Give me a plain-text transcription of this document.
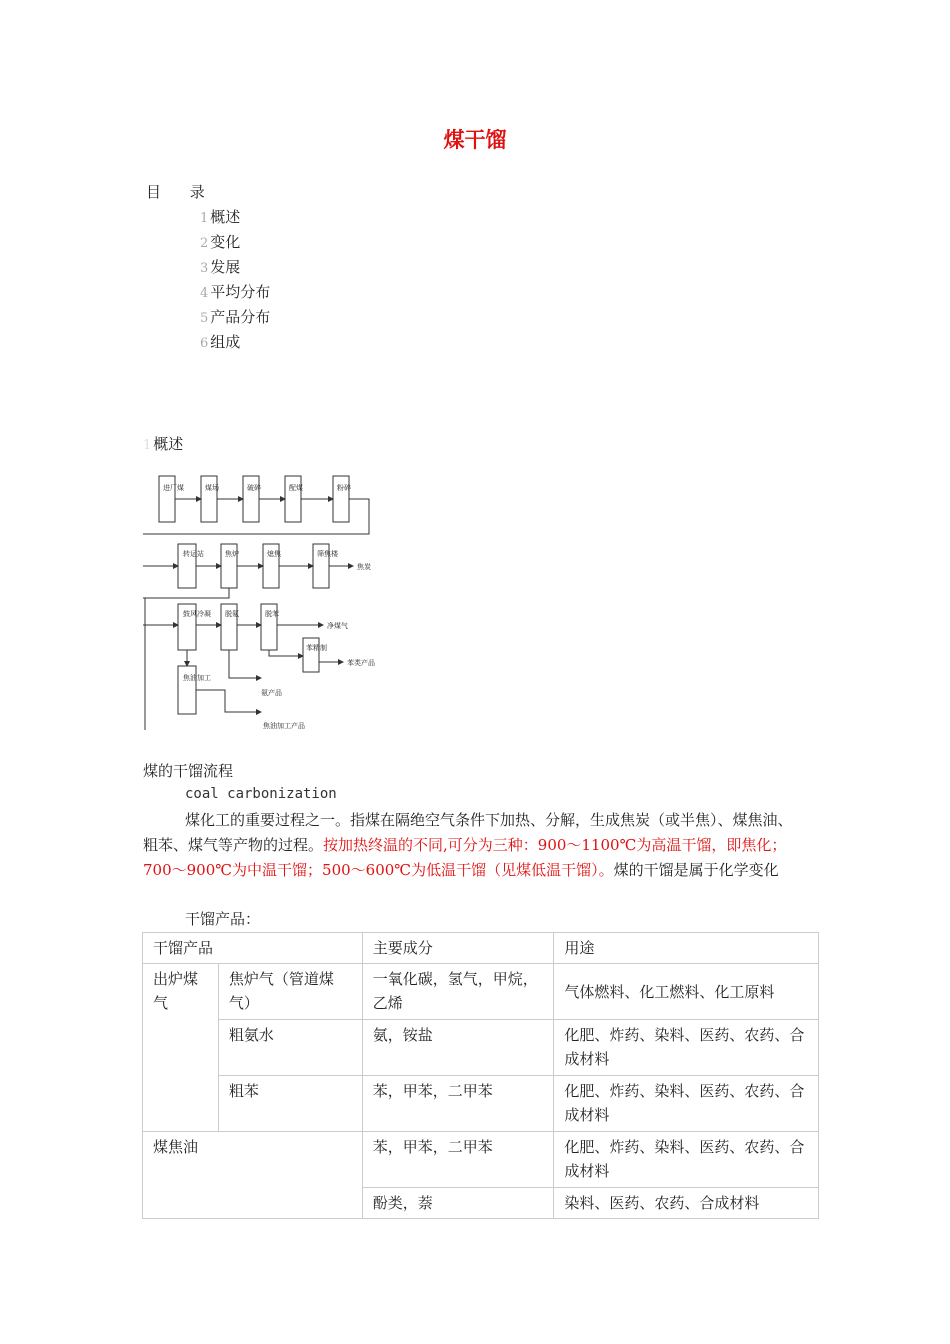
煤干馏
目 录
1 概述
2 变化
3 发展
4 平均分布
5 产品分布
6 组成
1 概述
进厂煤	煤场	破碎	配煤	粉碎
转运站	焦炉	熄焦	筛焦楼
焦炭
鼓风冷凝 脱氨	脱苯
净煤气
苯精制
苯类产品
焦油加工
氨产品
焦油加工产品
煤的干馏流程
coal carbonization
煤化工的重要过程之一。指煤在隔绝空气条件下加热、分解，生成焦炭（或半焦）、煤焦油、粗苯、煤气等产物的过程。按加热终温的不同,可分为三种：900～1100℃为高温干馏，即焦化；700～900℃为中温干馏；500～600℃为低温干馏（见煤低温干馏）。煤的干馏是属于化学变化
干馏产品：
干馏产品		主要成分	用途
出炉煤气	焦炉气（管道煤气）	一氧化碳，氢气，甲烷，乙烯	气体燃料、化工燃料、化工原料
	粗氨水	氨，铵盐	化肥、炸药、染料、医药、农药、合成材料
	粗苯	苯，甲苯，二甲苯	化肥、炸药、染料、医药、农药、合成材料
煤焦油		苯，甲苯，二甲苯	化肥、炸药、染料、医药、农药、合成材料
		酚类，萘	染料、医药、农药、合成材料
